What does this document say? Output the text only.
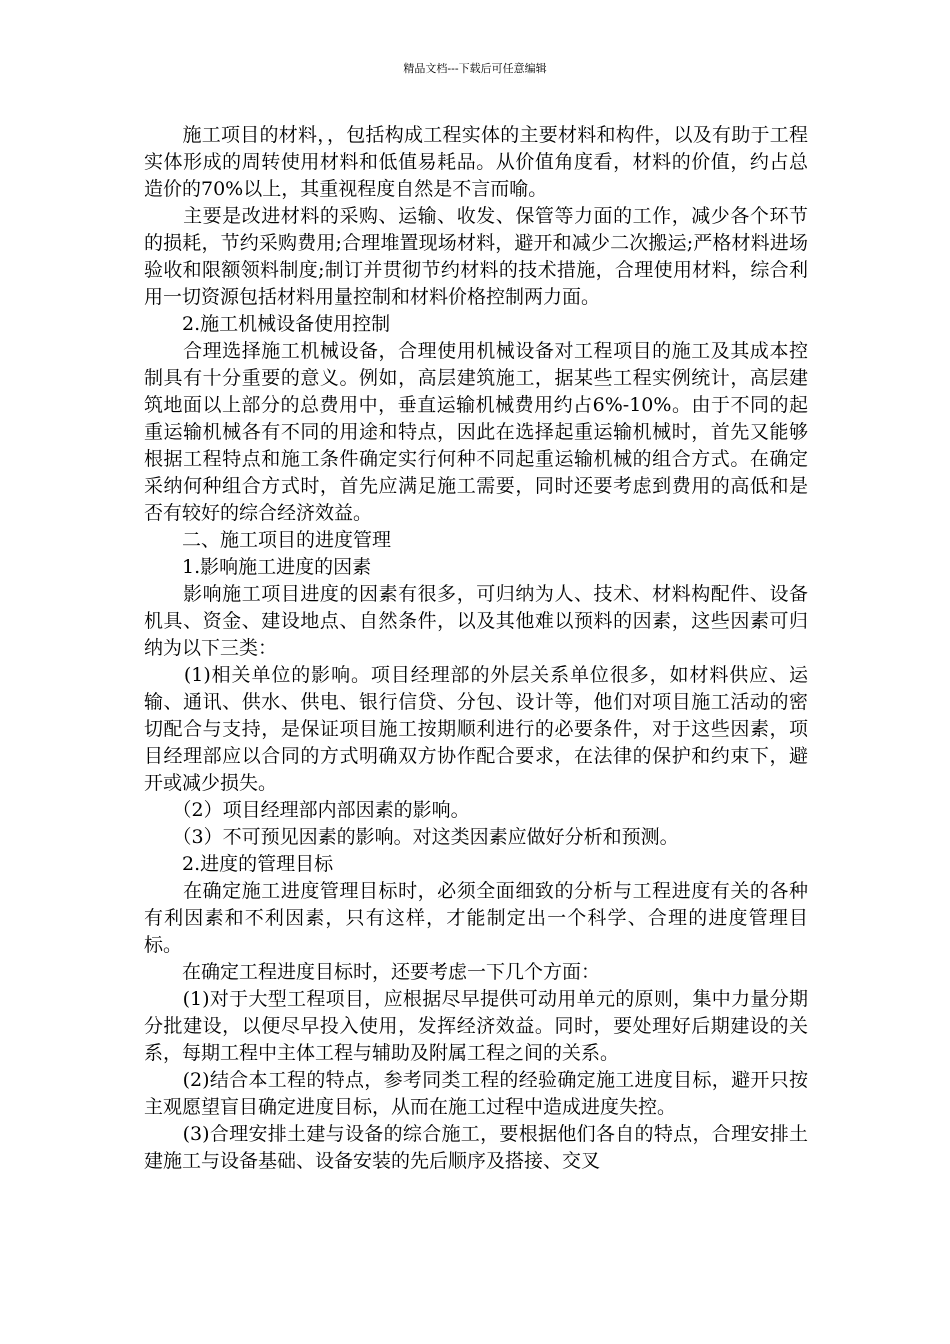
精品文档---下载后可任意编辑

　　施工项目的材料，，包括构成工程实体的主要材料和构件，以及有助于工程实体形成的周转使用材料和低值易耗品。从价值角度看，材料的价值，约占总造价的70%以上，其重视程度自然是不言而喻。

　　主要是改进材料的采购、运输、收发、保管等力面的工作，减少各个环节的损耗，节约采购费用;合理堆置现场材料，避开和减少二次搬运;严格材料进场验收和限额领料制度;制订并贯彻节约材料的技术措施，合理使用材料，综合利用一切资源包括材料用量控制和材料价格控制两力面。

　　2.施工机械设备使用控制

　　合理选择施工机械设备，合理使用机械设备对工程项目的施工及其成本控制具有十分重要的意义。例如，高层建筑施工，据某些工程实例统计，高层建筑地面以上部分的总费用中，垂直运输机械费用约占6%-10%。由于不同的起重运输机械各有不同的用途和特点，因此在选择起重运输机械时，首先又能够根据工程特点和施工条件确定实行何种不同起重运输机械的组合方式。在确定采纳何种组合方式时，首先应满足施工需要，同时还要考虑到费用的高低和是否有较好的综合经济效益。

　　二、施工项目的进度管理

　　1.影响施工进度的因素

　　影响施工项目进度的因素有很多，可归纳为人、技术、材料构配件、设备机具、资金、建设地点、自然条件，以及其他难以预料的因素，这些因素可归纳为以下三类：

　　(1)相关单位的影响。项目经理部的外层关系单位很多，如材料供应、运输、通讯、供水、供电、银行信贷、分包、设计等，他们对项目施工活动的密切配合与支持，是保证项目施工按期顺利进行的必要条件，对于这些因素，项目经理部应以合同的方式明确双方协作配合要求，在法律的保护和约束下，避开或减少损失。

　　（2）项目经理部内部因素的影响。

　　（3）不可预见因素的影响。对这类因素应做好分析和预测。

　　2.进度的管理目标

　　在确定施工进度管理目标时，必须全面细致的分析与工程进度有关的各种有利因素和不利因素，只有这样，才能制定出一个科学、合理的进度管理目标。

　　在确定工程进度目标时，还要考虑一下几个方面：

　　(1)对于大型工程项目，应根据尽早提供可动用单元的原则，集中力量分期分批建设，以便尽早投入使用，发挥经济效益。同时，要处理好后期建设的关系，每期工程中主体工程与辅助及附属工程之间的关系。

　　(2)结合本工程的特点，参考同类工程的经验确定施工进度目标，避开只按主观愿望盲目确定进度目标，从而在施工过程中造成进度失控。

　　(3)合理安排土建与设备的综合施工，要根据他们各自的特点，合理安排土建施工与设备基础、设备安装的先后顺序及搭接、交叉
